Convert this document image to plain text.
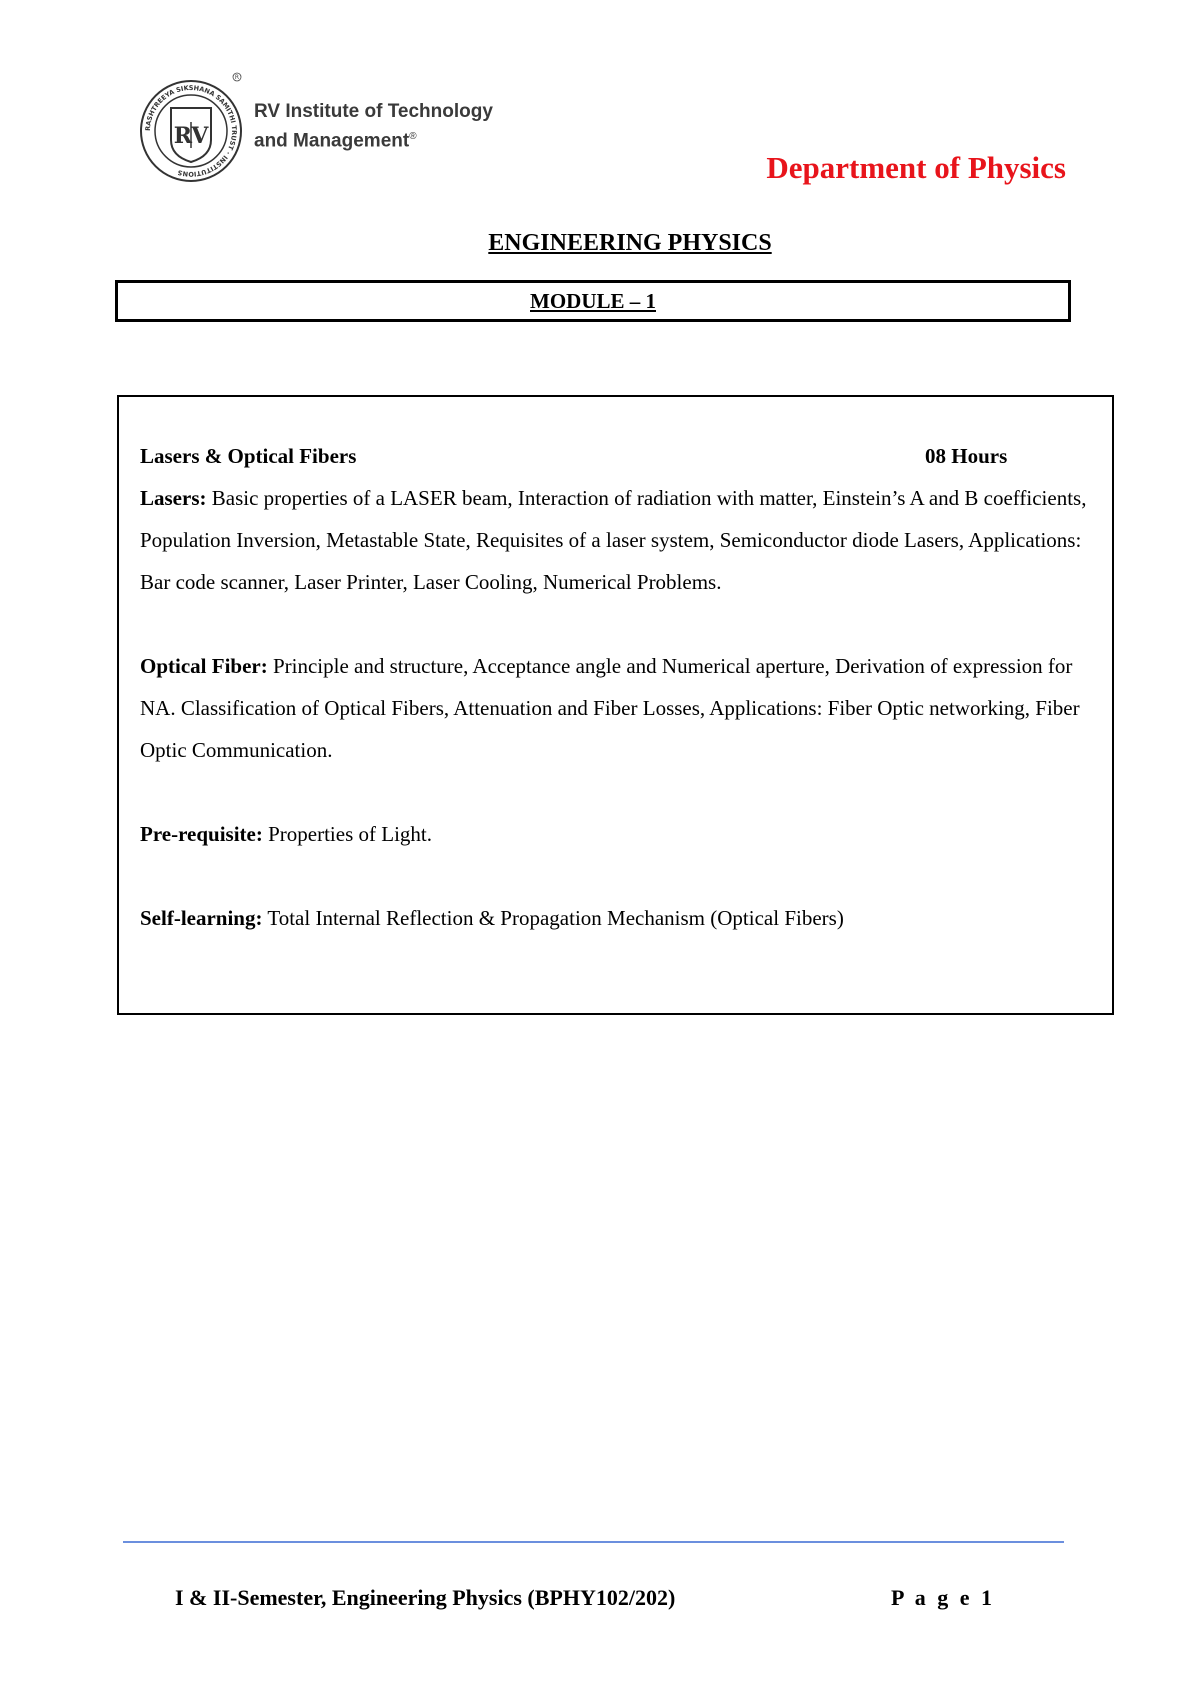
RASHTREEYA SIKSHANA SAMITHI TRUST · INSTITUTIONS
RV
R
RV Institute of Technology
and Management®
Department of Physics
ENGINEERING PHYSICS
MODULE – 1
Lasers & Optical Fibers	08 Hours

Lasers: Basic properties of a LASER beam, Interaction of radiation with matter, Einstein’s A and B coefficients, Population Inversion, Metastable State, Requisites of a laser system, Semiconductor diode Lasers, Applications: Bar code scanner, Laser Printer, Laser Cooling, Numerical Problems.

Optical Fiber: Principle and structure, Acceptance angle and Numerical aperture, Derivation of expression for NA. Classification of Optical Fibers, Attenuation and Fiber Losses, Applications: Fiber Optic networking, Fiber Optic Communication.

Pre-requisite: Properties of Light.

Self-learning: Total Internal Reflection & Propagation Mechanism (Optical Fibers)

I & II-Semester, Engineering Physics (BPHY102/202)	P a g e 1
